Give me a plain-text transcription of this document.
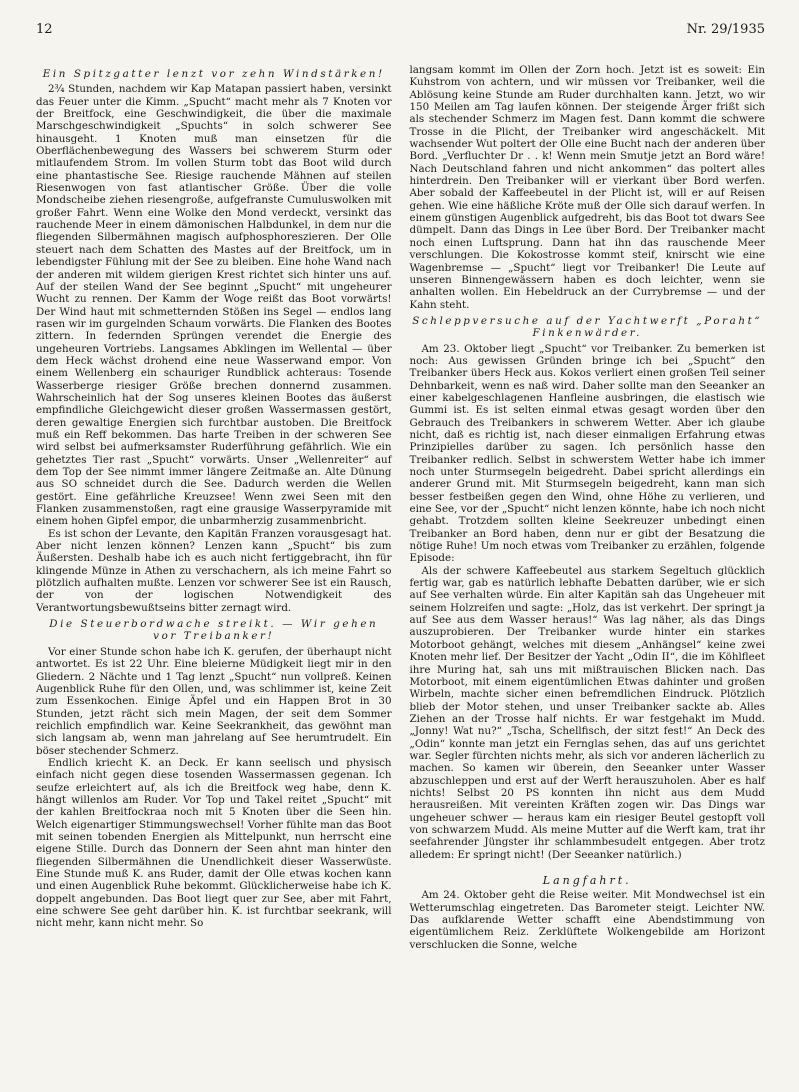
12	Nr. 29/1935
Ein Spitzgatter lenzt vor zehn Windstärken!

2¾ Stunden, nachdem wir Kap Matapan passiert haben, versinkt das Feuer unter die Kimm. „Spucht“ macht mehr als 7 Knoten vor der Breitfock, eine Geschwindigkeit, die über die maximale Marschgeschwindigkeit „Spuchts“ in solch schwerer See hinausgeht. 1 Knoten muß man einsetzen für die Oberflächenbewegung des Wassers bei schwerem Sturm oder mitlaufendem Strom. Im vollen Sturm tobt das Boot wild durch eine phantastische See. Riesige rauchende Mähnen auf steilen Riesenwogen von fast atlantischer Größe. Über die volle Mondscheibe ziehen riesengroße, aufgefranste Cumuluswolken mit großer Fahrt. Wenn eine Wolke den Mond verdeckt, versinkt das rauchende Meer in einem dämonischen Halbdunkel, in dem nur die fliegenden Silbermähnen magisch aufphosphoreszieren. Der Olle steuert nach dem Schatten des Mastes auf der Breitfock, um in lebendigster Fühlung mit der See zu bleiben. Eine hohe Wand nach der anderen mit wildem gierigen Krest richtet sich hinter uns auf. Auf der steilen Wand der See beginnt „Spucht“ mit ungeheurer Wucht zu rennen. Der Kamm der Woge reißt das Boot vorwärts! Der Wind haut mit schmetternden Stößen ins Segel — endlos lang rasen wir im gurgelnden Schaum vorwärts. Die Flanken des Bootes zittern. In federnden Sprüngen verendet die Energie des ungeheuren Vortriebs. Langsames Abklingen im Wellental — über dem Heck wächst drohend eine neue Wasserwand empor. Von einem Wellenberg ein schauriger Rundblick achteraus: Tosende Wasserberge riesiger Größe brechen donnernd zusammen. Wahrscheinlich hat der Sog unseres kleinen Bootes das äußerst empfindliche Gleichgewicht dieser großen Wassermassen gestört, deren gewaltige Energien sich furchtbar austoben. Die Breitfock muß ein Reff bekommen. Das harte Treiben in der schweren See wird selbst bei aufmerksamster Ruderführung gefährlich. Wie ein gehetztes Tier rast „Spucht“ vorwärts. Unser „Wellenreiter“ auf dem Top der See nimmt immer längere Zeitmaße an. Alte Dünung aus SO schneidet durch die See. Dadurch werden die Wellen gestört. Eine gefährliche Kreuzsee! Wenn zwei Seen mit den Flanken zusammenstoßen, ragt eine grausige Wasserpyramide mit einem hohen Gipfel empor, die unbarmherzig zusammenbricht.

Es ist schon der Levante, den Kapitän Franzen vorausgesagt hat. Aber nicht lenzen können? Lenzen kann „Spucht“ bis zum Äußersten. Deshalb habe ich es auch nicht fertiggebracht, ihn für klingende Münze in Athen zu verschachern, als ich meine Fahrt so plötzlich aufhalten mußte. Lenzen vor schwerer See ist ein Rausch, der von der logischen Notwendigkeit des Verantwortungsbewußtseins bitter zernagt wird.

Die Steuerbordwache streikt. — Wir gehen vor Treibanker!

Vor einer Stunde schon habe ich K. gerufen, der überhaupt nicht antwortet. Es ist 22 Uhr. Eine bleierne Müdigkeit liegt mir in den Gliedern. 2 Nächte und 1 Tag lenzt „Spucht“ nun vollpreß. Keinen Augenblick Ruhe für den Ollen, und, was schlimmer ist, keine Zeit zum Essenkochen. Einige Äpfel und ein Happen Brot in 30 Stunden, jetzt rächt sich mein Magen, der seit dem Sommer reichlich empfindlich war. Keine Seekrankheit, das gewöhnt man sich langsam ab, wenn man jahrelang auf See herumtrudelt. Ein böser stechender Schmerz.

Endlich kriecht K. an Deck. Er kann seelisch und physisch einfach nicht gegen diese tosenden Wassermassen gegenan. Ich seufze erleichtert auf, als ich die Breitfock weg habe, denn K. hängt willenlos am Ruder. Vor Top und Takel reitet „Spucht“ mit der kahlen Breitfockraa noch mit 5 Knoten über die Seen hin. Welch eigenartiger Stimmungswechsel! Vorher fühlte man das Boot mit seinen tobenden Energien als Mittelpunkt, nun herrscht eine eigene Stille. Durch das Donnern der Seen ahnt man hinter den fliegenden Silbermähnen die Unendlichkeit dieser Wasserwüste. Eine Stunde muß K. ans Ruder, damit der Olle etwas kochen kann und einen Augenblick Ruhe bekommt. Glücklicherweise habe ich K. doppelt angebunden. Das Boot liegt quer zur See, aber mit Fahrt, eine schwere See geht darüber hin. K. ist furchtbar seekrank, will nicht mehr, kann nicht mehr. So

langsam kommt im Ollen der Zorn hoch. Jetzt ist es soweit: Ein Kuhstrom von achtern, und wir müssen vor Treibanker, weil die Ablösung keine Stunde am Ruder durchhalten kann. Jetzt, wo wir 150 Meilen am Tag laufen können. Der steigende Ärger frißt sich als stechender Schmerz im Magen fest. Dann kommt die schwere Trosse in die Plicht, der Treibanker wird angeschäckelt. Mit wachsender Wut poltert der Olle eine Bucht nach der anderen über Bord. „Verfluchter Dr . . k! Wenn mein Smutje jetzt an Bord wäre! Nach Deutschland fahren und nicht ankommen“ das poltert alles hinterdrein. Den Treibanker will er vierkant über Bord werfen. Aber sobald der Kaffeebeutel in der Plicht ist, will er auf Reisen gehen. Wie eine häßliche Kröte muß der Olle sich darauf werfen. In einem günstigen Augenblick aufgedreht, bis das Boot tot dwars See dümpelt. Dann das Dings in Lee über Bord. Der Treibanker macht noch einen Luftsprung. Dann hat ihn das rauschende Meer verschlungen. Die Kokostrosse kommt steif, knirscht wie eine Wagenbremse — „Spucht“ liegt vor Treibanker! Die Leute auf unseren Binnengewässern haben es doch leichter, wenn sie anhalten wollen. Ein Hebeldruck an der Currybremse — und der Kahn steht.

Schleppversuche auf der Yachtwerft „Poraht“ Finkenwärder.

Am 23. Oktober liegt „Spucht“ vor Treibanker. Zu bemerken ist noch: Aus gewissen Gründen bringe ich bei „Spucht“ den Treibanker übers Heck aus. Kokos verliert einen großen Teil seiner Dehnbarkeit, wenn es naß wird. Daher sollte man den Seeanker an einer kabelgeschlagenen Hanfleine ausbringen, die elastisch wie Gummi ist. Es ist selten einmal etwas gesagt worden über den Gebrauch des Treibankers in schwerem Wetter. Aber ich glaube nicht, daß es richtig ist, nach dieser einmaligen Erfahrung etwas Prinzipielles darüber zu sagen. Ich persönlich hasse den Treibanker redlich. Selbst in schwerstem Wetter habe ich immer noch unter Sturmsegeln beigedreht. Dabei spricht allerdings ein anderer Grund mit. Mit Sturmsegeln beigedreht, kann man sich besser festbeißen gegen den Wind, ohne Höhe zu verlieren, und eine See, vor der „Spucht“ nicht lenzen könnte, habe ich noch nicht gehabt. Trotzdem sollten kleine Seekreuzer unbedingt einen Treibanker an Bord haben, denn nur er gibt der Besatzung die nötige Ruhe! Um noch etwas vom Treibanker zu erzählen, folgende Episode:

Als der schwere Kaffeebeutel aus starkem Segeltuch glücklich fertig war, gab es natürlich lebhafte Debatten darüber, wie er sich auf See verhalten würde. Ein alter Kapitän sah das Ungeheuer mit seinem Holzreifen und sagte: „Holz, das ist verkehrt. Der springt ja auf See aus dem Wasser heraus!“ Was lag näher, als das Dings auszuprobieren. Der Treibanker wurde hinter ein starkes Motorboot gehängt, welches mit diesem „Anhängsel“ keine zwei Knoten mehr lief. Der Besitzer der Yacht „Odin II“, die im Köhlfleet ihre Muring hat, sah uns mit mißtrauischen Blicken nach. Das Motorboot, mit einem eigentümlichen Etwas dahinter und großen Wirbeln, machte sicher einen befremdlichen Eindruck. Plötzlich blieb der Motor stehen, und unser Treibanker sackte ab. Alles Ziehen an der Trosse half nichts. Er war festgehakt im Mudd. „Jonny! Wat nu?“ „Tscha, Schellfisch, der sitzt fest!“ An Deck des „Odin“ konnte man jetzt ein Fernglas sehen, das auf uns gerichtet war. Segler fürchten nichts mehr, als sich vor anderen lächerlich zu machen. So kamen wir überein, den Seeanker unter Wasser abzuschleppen und erst auf der Werft herauszuholen. Aber es half nichts! Selbst 20 PS konnten ihn nicht aus dem Mudd herausreißen. Mit vereinten Kräften zogen wir. Das Dings war ungeheuer schwer — heraus kam ein riesiger Beutel gestopft voll von schwarzem Mudd. Als meine Mutter auf die Werft kam, trat ihr seefahrender Jüngster ihr schlammbesudelt entgegen. Aber trotz alledem: Er springt nicht! (Der Seeanker natürlich.)

Langfahrt.

Am 24. Oktober geht die Reise weiter. Mit Mondwechsel ist ein Wetterumschlag eingetreten. Das Barometer steigt. Leichter NW. Das aufklarende Wetter schafft eine Abendstimmung von eigentümlichem Reiz. Zerklüftete Wolkengebilde am Horizont verschlucken die Sonne, welche
